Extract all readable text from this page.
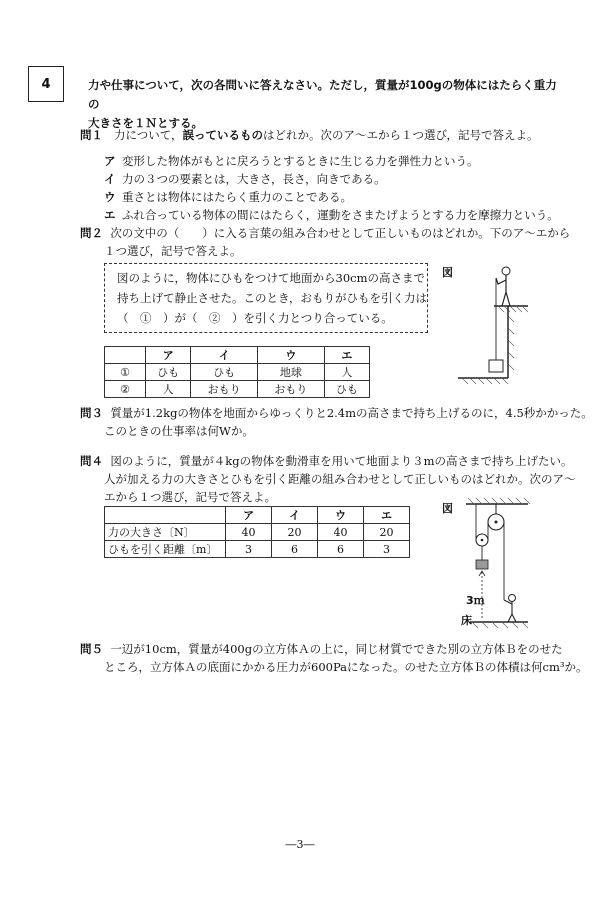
4	力や仕事について，次の各問いに答えなさい。ただし，質量が100gの物体にはたらく重力の
大きさを１Ｎとする。
問１ 力について，誤っているものはどれか。次のア～エから１つ選び，記号で答えよ。
ア 変形した物体がもとに戻ろうとするときに生じる力を弾性力という。
イ 力の３つの要素とは，大きさ，長さ，向きである。
ウ 重さとは物体にはたらく重力のことである。
エ ふれ合っている物体の間にはたらく，運動をさまたげようとする力を摩擦力という。
問２ 次の文中の（　　）に入る言葉の組み合わせとして正しいものはどれか。下のア～エから
１つ選び，記号で答えよ。
図のように，物体にひもをつけて地面から30cmの高さまで
持ち上げて静止させた。このとき，おもりがひもを引く力は
（　①　）が（　②　）を引く力とつり合っている。
	ア	イ	ウ	エ
①	ひも	ひも	地球	人
②	人	おもり	おもり	ひも
図
問３ 質量が1.2kgの物体を地面からゆっくりと2.4mの高さまで持ち上げるのに，4.5秒かかった。
このときの仕事率は何Wか。
問４ 図のように，質量が４kgの物体を動滑車を用いて地面より３mの高さまで持ち上げたい。
人が加える力の大きさとひもを引く距離の組み合わせとして正しいものはどれか。次のア～
エから１つ選び，記号で答えよ。
	ア	イ	ウ	エ
力の大きさ〔N〕	40	20	40	20
ひもを引く距離〔m〕	3	6	6	3
図
3ｍ
床
問５ 一辺が10cm，質量が400gの立方体Ａの上に，同じ材質でできた別の立方体Ｂをのせた
ところ，立方体Ａの底面にかかる圧力が600Paになった。のせた立方体Ｂの体積は何cm³か。
―3―
